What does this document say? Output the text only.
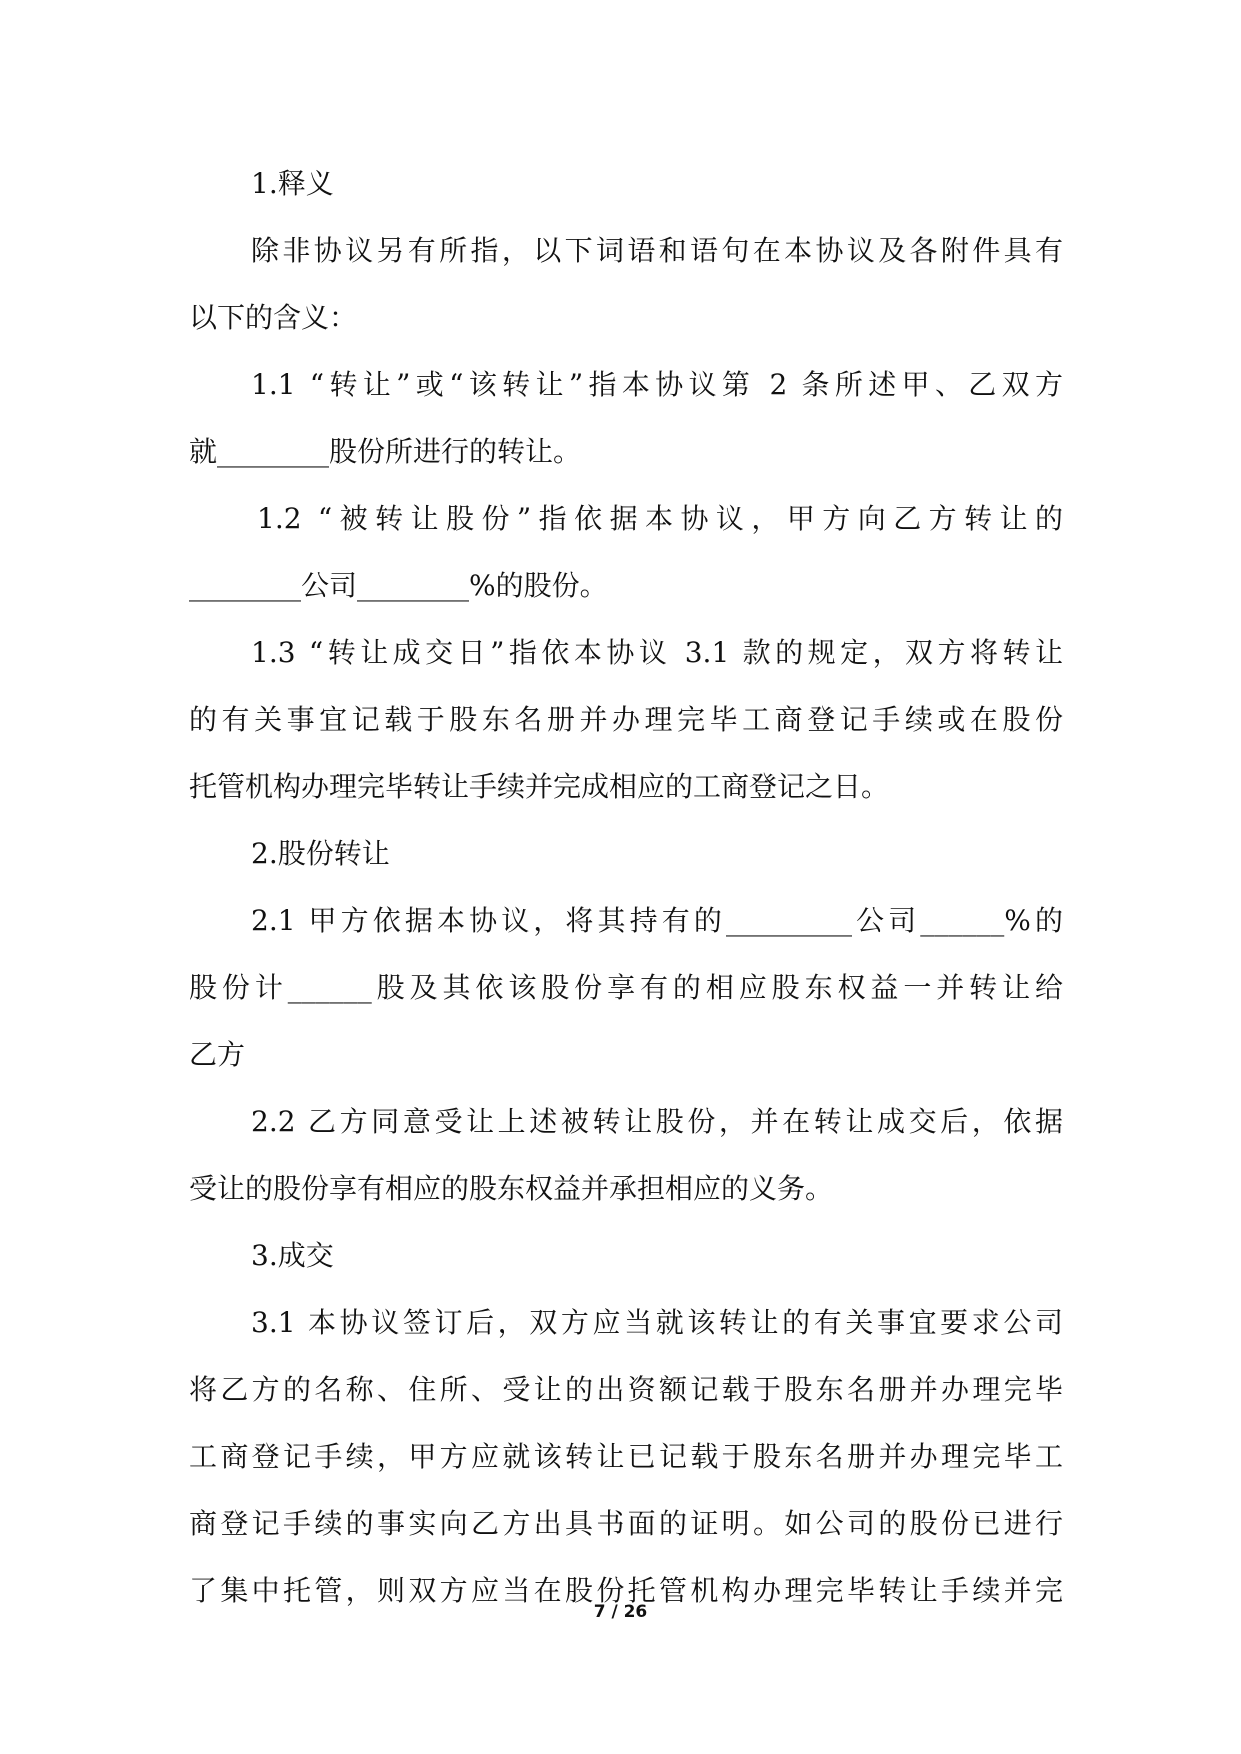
1.释义
除非协议另有所指，以下词语和语句在本协议及各附件具有
以下的含义：
1.1 “转让”或“该转让”指本协议第 2 条所述甲、乙双方
就________股份所进行的转让。
1.2 “被转让股份”指依据本协议，甲方向乙方转让的
________公司________%的股份。
1.3 “转让成交日”指依本协议 3.1 款的规定，双方将转让
的有关事宜记载于股东名册并办理完毕工商登记手续或在股份
托管机构办理完毕转让手续并完成相应的工商登记之日。
2.股份转让
2.1 甲方依据本协议，将其持有的_________公司______%的
股份计______股及其依该股份享有的相应股东权益一并转让给
乙方
2.2 乙方同意受让上述被转让股份，并在转让成交后，依据
受让的股份享有相应的股东权益并承担相应的义务。
3.成交
3.1 本协议签订后，双方应当就该转让的有关事宜要求公司
将乙方的名称、住所、受让的出资额记载于股东名册并办理完毕
工商登记手续，甲方应就该转让已记载于股东名册并办理完毕工
商登记手续的事实向乙方出具书面的证明。如公司的股份已进行
了集中托管，则双方应当在股份托管机构办理完毕转让手续并完
7 / 26
